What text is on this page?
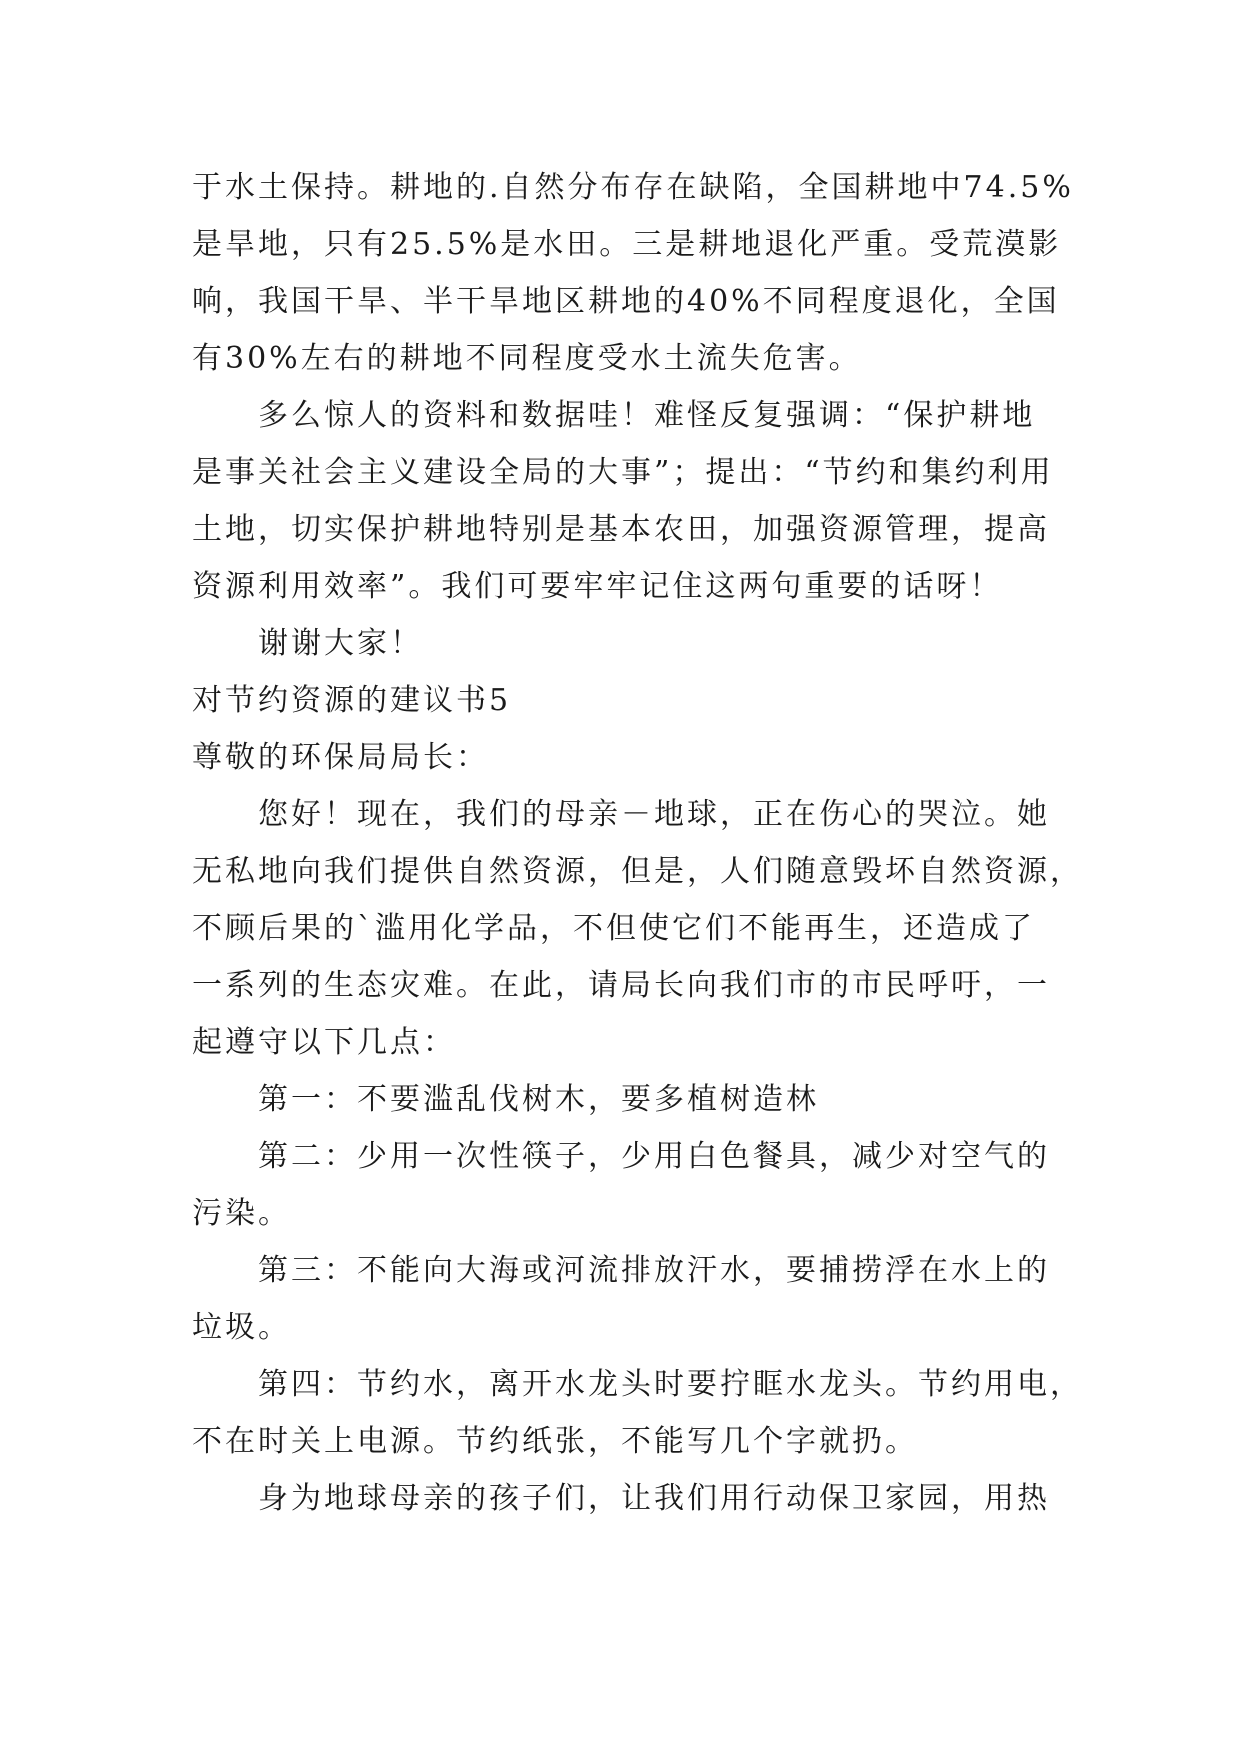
于水土保持。耕地的.自然分布存在缺陷，全国耕地中74.5%
是旱地，只有25.5%是水田。三是耕地退化严重。受荒漠影
响，我国干旱、半干旱地区耕地的40%不同程度退化，全国
有30%左右的耕地不同程度受水土流失危害。
多么惊人的资料和数据哇！难怪反复强调：“保护耕地
是事关社会主义建设全局的大事”；提出：“节约和集约利用
土地，切实保护耕地特别是基本农田，加强资源管理，提高
资源利用效率”。我们可要牢牢记住这两句重要的话呀！
谢谢大家！
对节约资源的建议书5
尊敬的环保局局长：
您好！现在，我们的母亲－地球，正在伤心的哭泣。她
无私地向我们提供自然资源，但是，人们随意毁坏自然资源，
不顾后果的`滥用化学品，不但使它们不能再生，还造成了
一系列的生态灾难。在此，请局长向我们市的市民呼吁，一
起遵守以下几点：
第一：不要滥乱伐树木，要多植树造林
第二：少用一次性筷子，少用白色餐具，减少对空气的
污染。
第三：不能向大海或河流排放汗水，要捕捞浮在水上的
垃圾。
第四：节约水，离开水龙头时要拧眶水龙头。节约用电，
不在时关上电源。节约纸张，不能写几个字就扔。
身为地球母亲的孩子们，让我们用行动保卫家园，用热
